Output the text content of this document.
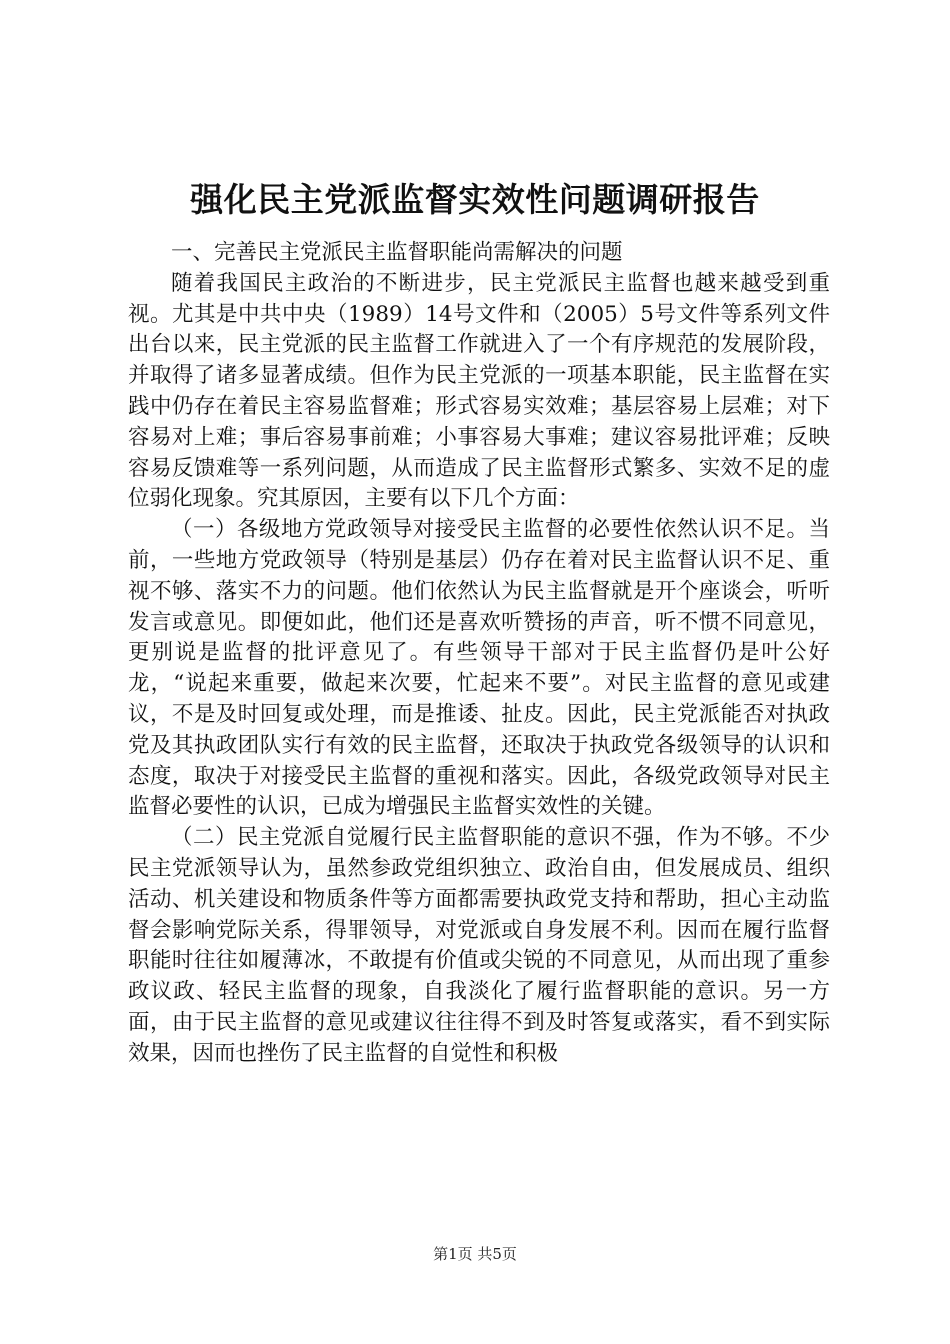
强化民主党派监督实效性问题调研报告

一、完善民主党派民主监督职能尚需解决的问题

随着我国民主政治的不断进步，民主党派民主监督也越来越受到重视。尤其是中共中央（1989）14号文件和（2005）5号文件等系列文件出台以来，民主党派的民主监督工作就进入了一个有序规范的发展阶段，并取得了诸多显著成绩。但作为民主党派的一项基本职能，民主监督在实践中仍存在着民主容易监督难；形式容易实效难；基层容易上层难；对下容易对上难；事后容易事前难；小事容易大事难；建议容易批评难；反映容易反馈难等一系列问题，从而造成了民主监督形式繁多、实效不足的虚位弱化现象。究其原因，主要有以下几个方面：

（一）各级地方党政领导对接受民主监督的必要性依然认识不足。当前，一些地方党政领导（特别是基层）仍存在着对民主监督认识不足、重视不够、落实不力的问题。他们依然认为民主监督就是开个座谈会，听听发言或意见。即便如此，他们还是喜欢听赞扬的声音，听不惯不同意见，更别说是监督的批评意见了。有些领导干部对于民主监督仍是叶公好龙，“说起来重要，做起来次要，忙起来不要”。对民主监督的意见或建议，不是及时回复或处理，而是推诿、扯皮。因此，民主党派能否对执政党及其执政团队实行有效的民主监督，还取决于执政党各级领导的认识和态度，取决于对接受民主监督的重视和落实。因此，各级党政领导对民主监督必要性的认识，已成为增强民主监督实效性的关键。

（二）民主党派自觉履行民主监督职能的意识不强，作为不够。不少民主党派领导认为，虽然参政党组织独立、政治自由，但发展成员、组织活动、机关建设和物质条件等方面都需要执政党支持和帮助，担心主动监督会影响党际关系，得罪领导，对党派或自身发展不利。因而在履行监督职能时往往如履薄冰，不敢提有价值或尖锐的不同意见，从而出现了重参政议政、轻民主监督的现象，自我淡化了履行监督职能的意识。另一方面，由于民主监督的意见或建议往往得不到及时答复或落实，看不到实际效果，因而也挫伤了民主监督的自觉性和积极

第1页 共5页
